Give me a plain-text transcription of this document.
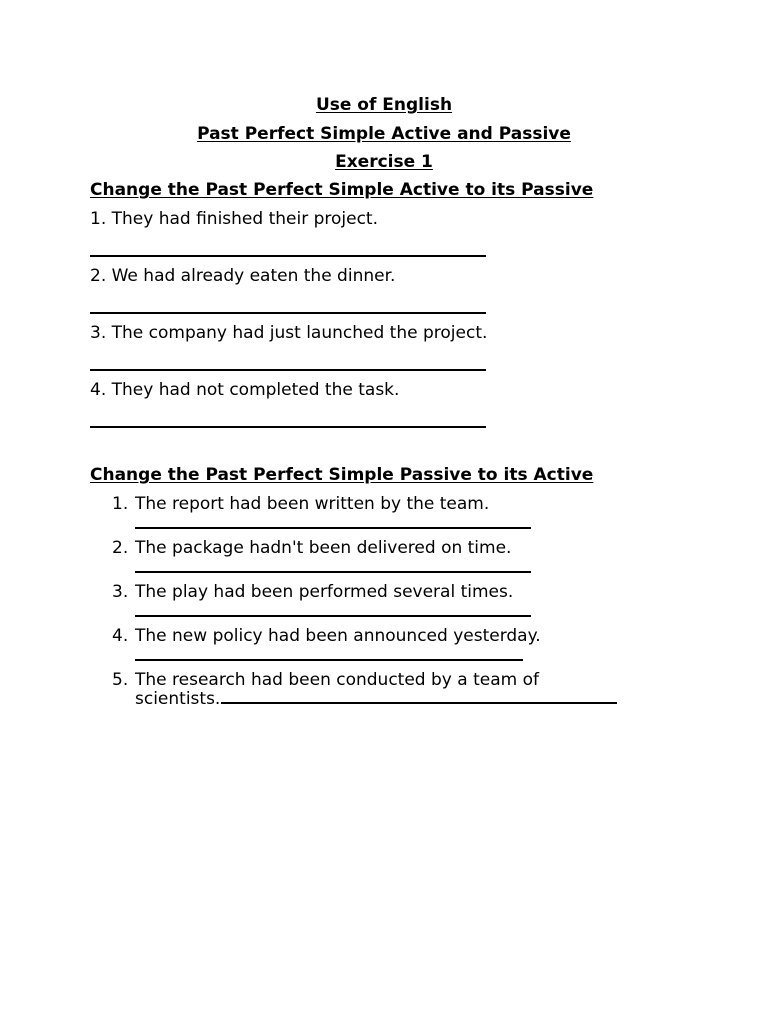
Use of English
Past Perfect Simple Active and Passive
Exercise 1
Change the Past Perfect Simple Active to its Passive
1. They had finished their project.
2. We had already eaten the dinner.
3. The company had just launched the project.
4. They had not completed the task.
Change the Past Perfect Simple Passive to its Active
1. The report had been written by the team.
2. The package hadn't been delivered on time.
3. The play had been performed several times.
4. The new policy had been announced yesterday.
5. The research had been conducted by a team of
scientists.
